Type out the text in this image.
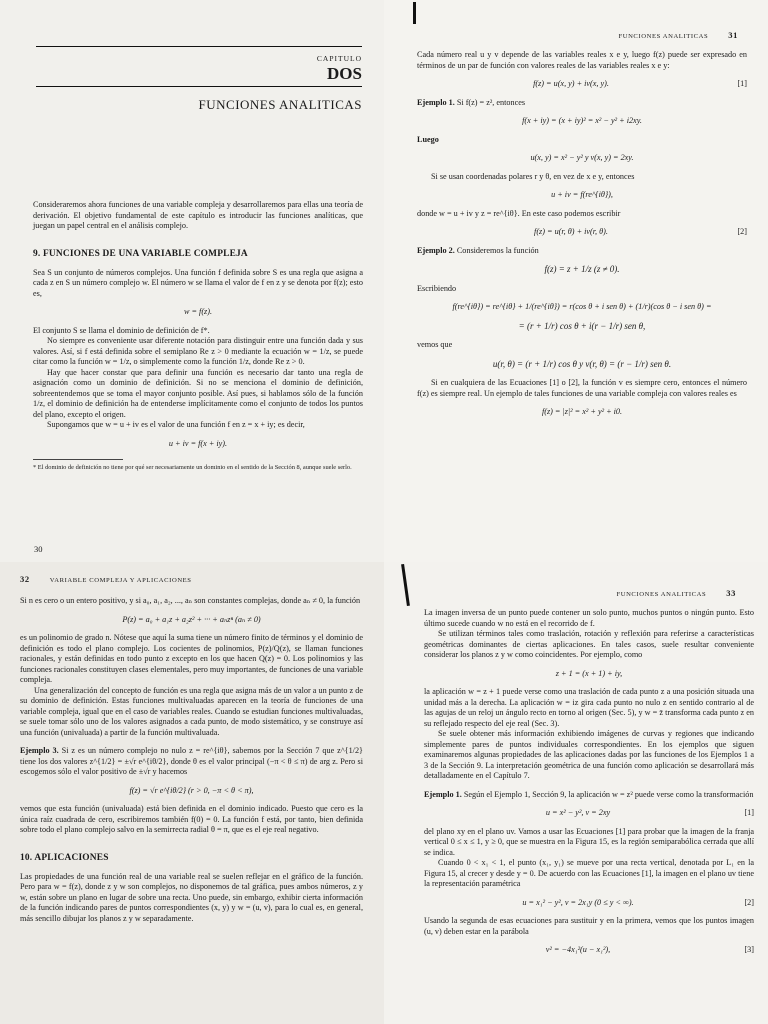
CAPITULO
DOS
FUNCIONES ANALITICAS

Consideraremos ahora funciones de una variable compleja y desarrollaremos para ellas una teoría de derivación. El objetivo fundamental de este capítulo es introducir las funciones analíticas, que juegan un papel central en el análisis complejo.

9. FUNCIONES DE UNA VARIABLE COMPLEJA

Sea S un conjunto de números complejos. Una función f definida sobre S es una regla que asigna a cada z en S un número complejo w. El número w se llama el valor de f en z y se denota por f(z); esto es,

w = f(z).

El conjunto S se llama el dominio de definición de f*.

No siempre es conveniente usar diferente notación para distinguir entre una función dada y sus valores. Así, si f está definida sobre el semiplano Re z > 0 mediante la ecuación w = 1/z, se puede citar como la función w = 1/z, o simplemente como la función 1/z, donde Re z > 0.

Hay que hacer constar que para definir una función es necesario dar tanto una regla de asignación como un dominio de definición. Si no se menciona el dominio de definición, sobreentendemos que se toma el mayor conjunto posible. Así pues, si hablamos sólo de la función 1/z, el dominio de definición ha de entenderse implícitamente como el conjunto de todos los puntos del plano, excepto el origen.

Supongamos que w = u + iv es el valor de una función f en z = x + iy; es decir,

u + iv = f(x + iy).

* El dominio de definición no tiene por qué ser necesariamente un dominio en el sentido de la Sección 8, aunque suele serlo.

30
FUNCIONES ANALITICAS 31

Cada número real u y v depende de las variables reales x e y, luego f(z) puede ser expresado en términos de un par de función con valores reales de las variables reales x e y:

f(z) = u(x, y) + iv(x, y).	[1]

Ejemplo 1. Si f(z) = z², entonces

f(x + iy) = (x + iy)² = x² − y² + i2xy.

Luego

u(x, y) = x² − y² y v(x, y) = 2xy.

Si se usan coordenadas polares r y θ, en vez de x e y, entonces

u + iv = f(re^{iθ}),

donde w = u + iv y z = re^{iθ}. En este caso podemos escribir

f(z) = u(r, θ) + iv(r, θ).	[2]

Ejemplo 2. Consideremos la función

f(z) = z + 1/z (z ≠ 0).

Escribiendo

f(re^{iθ}) = re^{iθ} + 1/(re^{iθ}) = r(cos θ + i sen θ) + (1/r)(cos θ − i sen θ) =
= (r + 1/r) cos θ + i(r − 1/r) sen θ,

vemos que

u(r, θ) = (r + 1/r) cos θ y v(r, θ) = (r − 1/r) sen θ.

Si en cualquiera de las Ecuaciones [1] o [2], la función v es siempre cero, entonces el número f(z) es siempre real. Un ejemplo de tales funciones de una variable compleja con valores reales es

f(z) = |z|² = x² + y² + i0.
32	VARIABLE COMPLEJA Y APLICACIONES

Si n es cero o un entero positivo, y si a₀, a₁, a₂, ..., aₙ son constantes complejas, donde aₙ ≠ 0, la función

P(z) = a₀ + a₁z + a₂z² + ··· + aₙzⁿ (aₙ ≠ 0)

es un polinomio de grado n. Nótese que aquí la suma tiene un número finito de términos y el dominio de definición es todo el plano complejo. Los cocientes de polinomios, P(z)/Q(z), se llaman funciones racionales, y están definidas en todo punto z excepto en los que hacen Q(z) = 0. Los polinomios y las funciones racionales constituyen clases elementales, pero muy importantes, de funciones de una variable compleja.

Una generalización del concepto de función es una regla que asigna más de un valor a un punto z de su dominio de definición. Estas funciones multivaluadas aparecen en la teoría de funciones de una variable compleja, igual que en el caso de variables reales. Cuando se estudian funciones multivaluadas, se suele tomar sólo uno de los valores asignados a cada punto, de modo sistemático, y se construye así una función (univaluada) a partir de la función multivaluada.

Ejemplo 3. Si z es un número complejo no nulo z = re^{iθ}, sabemos por la Sección 7 que z^{1/2} tiene los dos valores z^{1/2} = ±√r e^{iθ/2}, donde θ es el valor principal (−π < θ ≤ π) de arg z. Pero si escogemos sólo el valor positivo de ±√r y hacemos

f(z) = √r e^{iθ/2} (r > 0, −π < θ < π),

vemos que esta función (univaluada) está bien definida en el dominio indicado. Puesto que cero es la única raíz cuadrada de cero, escribiremos también f(0) = 0. La función f está, por tanto, bien definida sobre todo el plano complejo salvo en la semirrecta radial θ = π, que es el eje real negativo.

10. APLICACIONES

Las propiedades de una función real de una variable real se suelen reflejar en el gráfico de la función. Pero para w = f(z), donde z y w son complejos, no disponemos de tal gráfica, pues ambos números, z y w, están sobre un plano en lugar de sobre una recta. Uno puede, sin embargo, exhibir cierta información de la función indicando pares de puntos correspondientes (x, y) y w = (u, v), para lo cual es, en general, más sencillo dibujar los planos z y w separadamente.

FUNCIONES ANALITICAS 33

La imagen inversa de un punto puede contener un solo punto, muchos puntos o ningún punto. Esto último sucede cuando w no está en el recorrido de f.

Se utilizan términos tales como traslación, rotación y reflexión para referirse a características geométricas dominantes de ciertas aplicaciones. En tales casos, suele resultar conveniente considerar los planos z y w como coincidentes. Por ejemplo, como

z + 1 = (x + 1) + iy,

la aplicación w = z + 1 puede verse como una traslación de cada punto z a una posición situada una unidad más a la derecha. La aplicación w = iz gira cada punto no nulo z en sentido contrario al de las agujas de un reloj un ángulo recto en torno al origen (Sec. 5), y w = z̄ transforma cada punto z en su reflejado respecto del eje real (Sec. 3).

Se suele obtener más información exhibiendo imágenes de curvas y regiones que indicando simplemente pares de puntos individuales correspondientes. En los ejemplos que siguen examinaremos algunas propiedades de las aplicaciones dadas por las funciones de los Ejemplos 1 a 3 de la Sección 9. La interpretación geométrica de una función como aplicación se desarrollará más detalladamente en el Capítulo 7.

Ejemplo 1. Según el Ejemplo 1, Sección 9, la aplicación w = z² puede verse como la transformación

u = x² − y², v = 2xy	[1]

del plano xy en el plano uv. Vamos a usar las Ecuaciones [1] para probar que la imagen de la franja vertical 0 ≤ x ≤ 1, y ≥ 0, que se muestra en la Figura 15, es la región semiparabólica cerrada que allí se indica.

Cuando 0 < x₁ < 1, el punto (x₁, y₁) se mueve por una recta vertical, denotada por L₁ en la Figura 15, al crecer y desde y = 0. De acuerdo con las Ecuaciones [1], la imagen en el plano uv tiene la representación paramétrica

u = x₁² − y², v = 2x₁y (0 ≤ y < ∞).	[2]

Usando la segunda de esas ecuaciones para sustituir y en la primera, vemos que los puntos imagen (u, v) deben estar en la parábola

v² = −4x₁²(u − x₁²),	[3]
